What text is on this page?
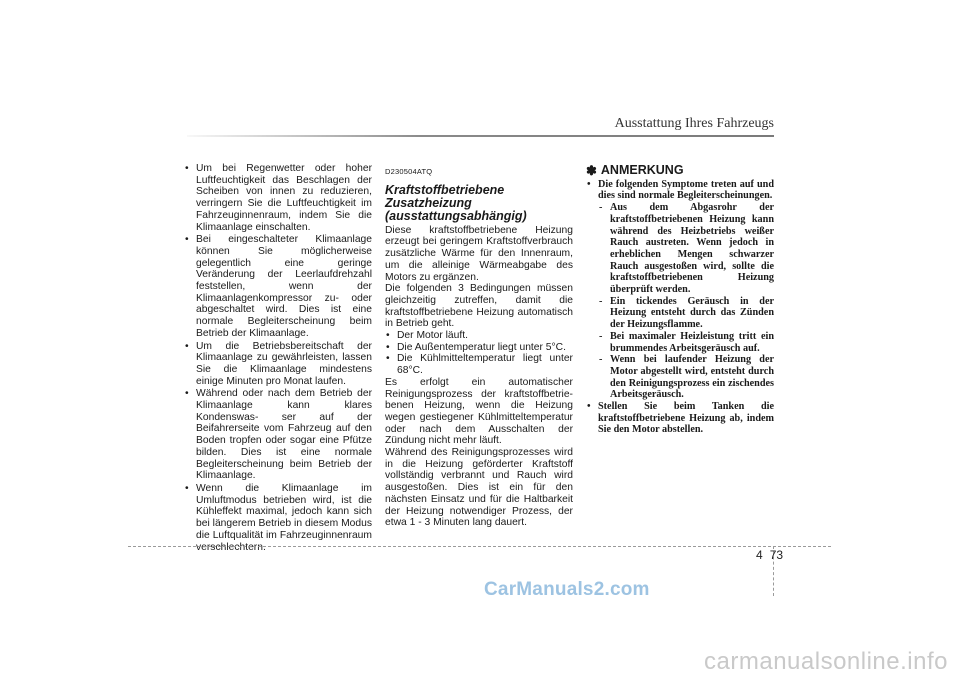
Ausstattung Ihres Fahrzeugs
• Um bei Regenwetter oder hoher Luftfeuchtigkeit das Beschlagen der Scheiben von innen zu reduzieren, verringern Sie die Luftfeuchtigkeit im Fahrzeuginnenraum, indem Sie die Klimaanlage einschalten.
• Bei eingeschalteter Klimaanlage können Sie möglicherweise gelegentlich eine geringe Veränderung der Leerlaufdrehzahl feststellen, wenn der Klimaanlagenkompressor zu- oder abgeschaltet wird. Dies ist eine normale Begleiterscheinung beim Betrieb der Klimaanlage.
• Um die Betriebsbereitschaft der Klimaanlage zu gewährleisten, lassen Sie die Klimaanlage mindestens einige Minuten pro Monat laufen.
• Während oder nach dem Betrieb der Klimaanlage kann klares Kondenswas- ser auf der Beifahrerseite vom Fahrzeug auf den Boden tropfen oder sogar eine Pfütze bilden. Dies ist eine normale Begleiterscheinung beim Betrieb der Klimaanlage.
• Wenn die Klimaanlage im Umluftmodus betrieben wird, ist die Kühleffekt maximal, jedoch kann sich bei längerem Betrieb in diesem Modus die Luftqualität im Fahrzeuginnenraum verschlechtern.
D230504ATQ
Kraftstoffbetriebene Zusatzheizung (ausstattungsabhängig)

Diese kraftstoffbetriebene Heizung erzeugt bei geringem Kraftstoffverbrauch zusätzliche Wärme für den Innenraum, um die alleinige Wärmeabgabe des Motors zu ergänzen.

Die folgenden 3 Bedingungen müssen gleichzeitig zutreffen, damit die kraftstoffbetriebene Heizung automatisch in Betrieb geht.

• Der Motor läuft.
• Die Außentemperatur liegt unter 5°C.
• Die Kühlmitteltemperatur liegt unter 68°C.

Es erfolgt ein automatischer Reinigungsprozess der kraftstoffbetrie- benen Heizung, wenn die Heizung wegen gestiegener Kühlmitteltemperatur oder nach dem Ausschalten der Zündung nicht mehr läuft.

Während des Reinigungsprozesses wird in die Heizung geförderter Kraftstoff vollständig verbrannt und Rauch wird ausgestoßen. Dies ist ein für den nächsten Einsatz und für die Haltbarkeit der Heizung notwendiger Prozess, der etwa 1 - 3 Minuten lang dauert.

✽ ANMERKUNG
• Die folgenden Symptome treten auf und dies sind normale Begleiterscheinungen.
- Aus dem Abgasrohr der kraftstoffbetriebenen Heizung kann während des Heizbetriebs weißer Rauch austreten. Wenn jedoch in erheblichen Mengen schwarzer Rauch ausgestoßen wird, sollte die kraftstoffbetriebenen Heizung überprüft werden.
- Ein tickendes Geräusch in der Heizung entsteht durch das Zünden der Heizungsflamme.
- Bei maximaler Heizleistung tritt ein brummendes Arbeitsgeräusch auf.
- Wenn bei laufender Heizung der Motor abgestellt wird, entsteht durch den Reinigungsprozess ein zischendes Arbeitsgeräusch.
• Stellen Sie beim Tanken die kraftstoffbetriebene Heizung ab, indem Sie den Motor abstellen.
4 73
CarManuals2.com
carmanualsonline.info
